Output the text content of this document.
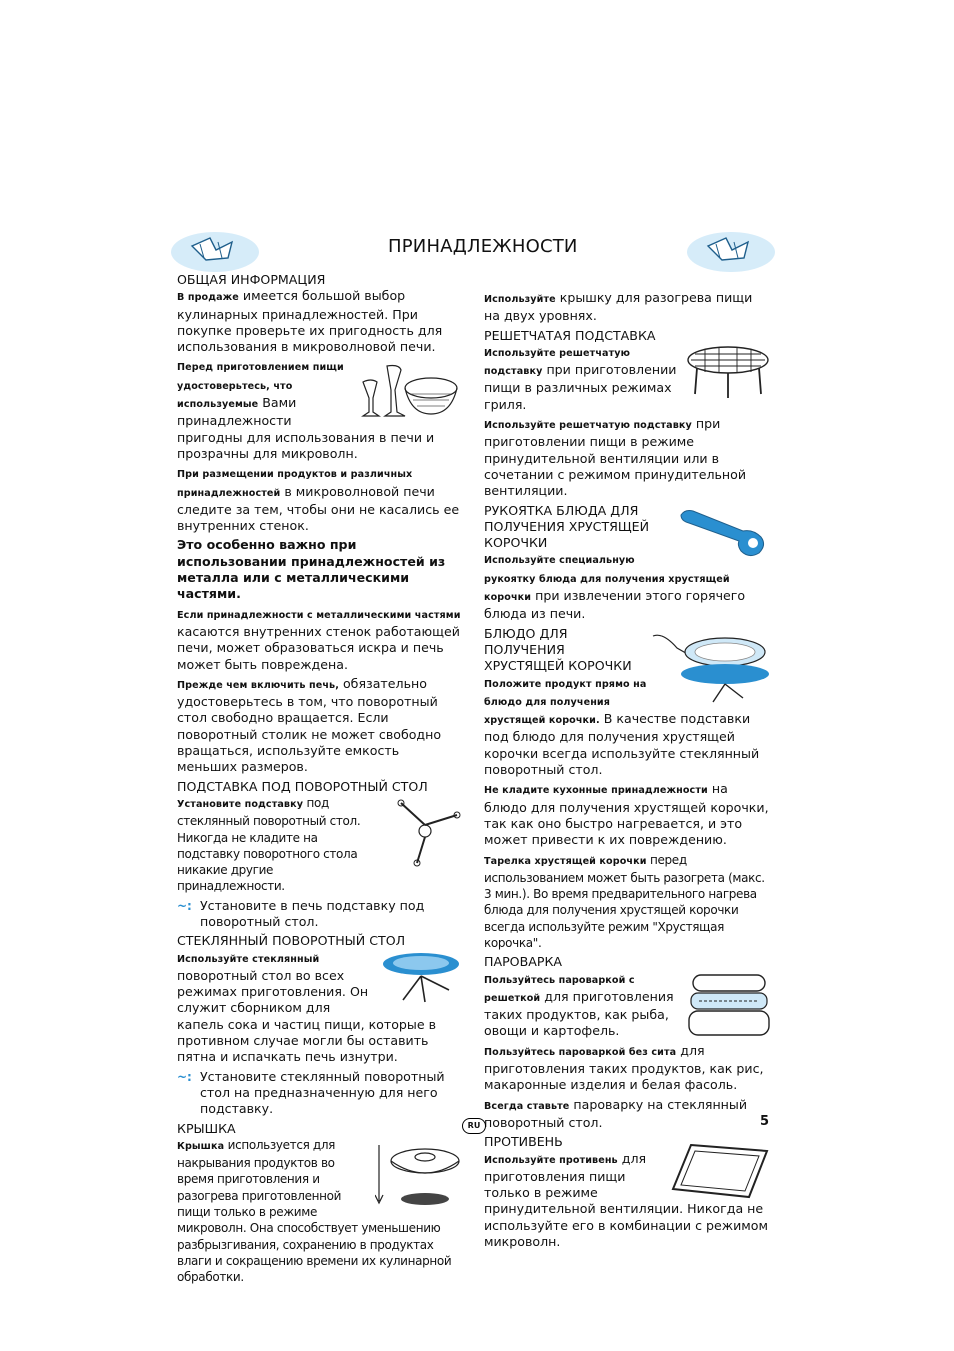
ПРИНАДЛЕЖНОСТИ
ОБЩАЯ ИНФОРМАЦИЯ

В продаже имеется большой выбор кулинарных принадлежностей. При покупке проверьте их пригодность для использования в микроволновой печи.

Перед приготовлением пищи удостоверьтесь, что используемые Вами принадлежности пригодны для использования в печи и прозрачны для микроволн.

При размещении продуктов и различных принадлежностей в микроволновой печи следите за тем, чтобы они не касались ее внутренних стенок.

Это особенно важно при использовании принадлежностей из металла или с металлическими частями.

Если принадлежности с металлическими частями касаются внутренних стенок работающей печи, может образоваться искра и печь может быть повреждена.

Прежде чем включить печь, обязательно удостоверьтесь в том, что поворотный стол свободно вращается. Если поворотный столик не может свободно вращаться, используйте емкость меньших размеров.

ПОДСТАВКА ПОД ПОВОРОТНЫЙ СТОЛ

Установите подставку под стеклянный поворотный стол. Никогда не кладите на подставку поворотного стола никакие другие принадлежности.

~: Установите в печь подставку под поворотный стол.
СТЕКЛЯННЫЙ ПОВОРОТНЫЙ СТОЛ

Используйте стеклянный поворотный стол во всех режимах приготовления. Он служит сборником для капель сока и частиц пищи, которые в противном случае могли бы оставить пятна и испачкать печь изнутри.

~: Установите стеклянный поворотный стол на предназначенную для него подставку.
КРЫШКА

Крышка используется для накрывания продуктов во время приготовления и разогрева приготовленной пищи только в режиме микроволн. Она способствует уменьшению разбрызгивания, сохранению в продуктах влаги и сокращению времени их кулинарной обработки.

Используйте крышку для разогрева пищи на двух уровнях.

РЕШЕТЧАТАЯ ПОДСТАВКА

Используйте решетчатую подставку при приготовлении пищи в различных режимах гриля.

Используйте решетчатую подставку при приготовлении пищи в режиме принудительной вентиляции или в сочетании с режимом принудительной вентиляции.

РУКОЯТКА БЛЮДА ДЛЯ ПОЛУЧЕНИЯ ХРУСТЯЩЕЙ КОРОЧКИ

Используйте специальную рукоятку блюда для получения хрустящей корочки при извлечении этого горячего блюда из печи.

БЛЮДО ДЛЯ ПОЛУЧЕНИЯ ХРУСТЯЩЕЙ КОРОЧКИ

Положите продукт прямо на блюдо для получения хрустящей корочки. В качестве подставки под блюдо для получения хрустящей корочки всегда используйте стеклянный поворотный стол.

Не кладите кухонные принадлежности на блюдо для получения хрустящей корочки, так как оно быстро нагревается, и это может привести к их повреждению.

Тарелка хрустящей корочки перед использованием может быть разогрета (макс. 3 мин.). Во время предварительного нагрева блюда для получения хрустящей корочки всегда используйте режим "Хрустящая корочка".

ПАРОВАРКА

Пользуйтесь пароваркой с решеткой для приготовления таких продуктов, как рыба, овощи и картофель.

Пользуйтесь пароваркой без сита для приготовления таких продуктов, как рис, макаронные изделия и белая фасоль.

Всегда ставьте пароварку на стеклянный поворотный стол.

ПРОТИВЕНЬ

Используйте противень для приготовления пищи только в режиме принудительной вентиляции. Никогда не используйте его в комбинации с режимом микроволн.

RU	5
